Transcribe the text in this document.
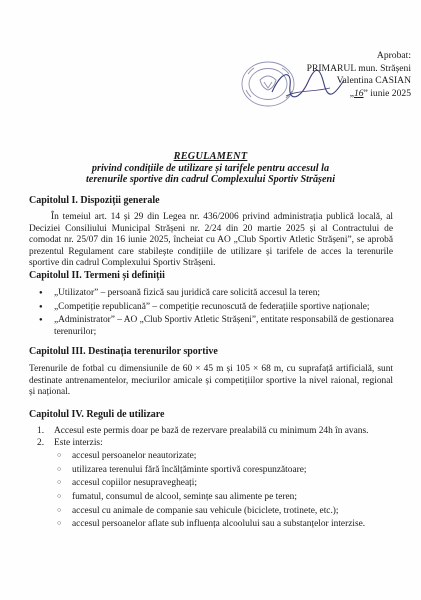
Aprobat:
PRIMARUL mun. Strășeni
Valentina CASIAN
„16” iunie 2025
REGULAMENT
privind condițiile de utilizare și tarifele pentru accesul la
terenurile sportive din cadrul Complexului Sportiv Strășeni
Capitolul I. Dispoziții generale

În temeiul art. 14 și 29 din Legea nr. 436/2006 privind administrația publică locală, al Deciziei Consiliului Municipal Strășeni nr. 2/24 din 20 martie 2025 și al Contractului de comodat nr. 25/07 din 16 iunie 2025, încheiat cu AO „Club Sportiv Atletic Strășeni”, se aprobă prezentul Regulament care stabilește condițiile de utilizare și tarifele de acces la terenurile sportive din cadrul Complexului Sportiv Strășeni.

Capitolul II. Termeni și definiții
● „Utilizator” – persoană fizică sau juridică care solicită accesul la teren;
● „Competiție republicană” – competiție recunoscută de federațiile sportive naționale;
● „Administrator” – AO „Club Sportiv Atletic Strășeni”, entitate responsabilă de gestionarea terenurilor;
Capitolul III. Destinația terenurilor sportive

Terenurile de fotbal cu dimensiunile de 60 × 45 m și 105 × 68 m, cu suprafață artificială, sunt destinate antrenamentelor, meciurilor amicale și competițiilor sportive la nivel raional, regional și național.

Capitolul IV. Reguli de utilizare
1. Accesul este permis doar pe bază de rezervare prealabilă cu minimum 24h în avans.
2. Este interzis:
○ accesul persoanelor neautorizate;
○ utilizarea terenului fără încălțăminte sportivă corespunzătoare;
○ accesul copiilor nesupravegheați;
○ fumatul, consumul de alcool, semințe sau alimente pe teren;
○ accesul cu animale de companie sau vehicule (biciclete, trotinete, etc.);
○ accesul persoanelor aflate sub influența alcoolului sau a substanțelor interzise.
